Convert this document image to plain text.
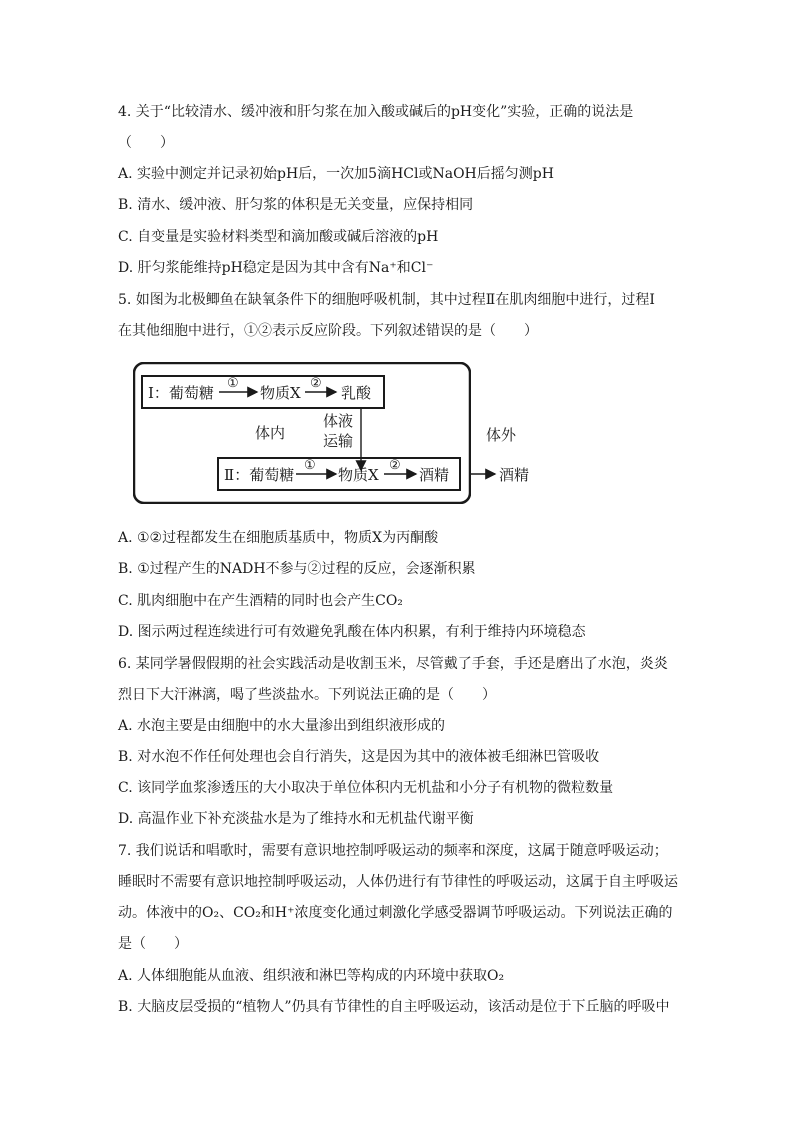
4. 关于“比较清水、缓冲液和肝匀浆在加入酸或碱后的pH变化”实验，正确的说法是
（　　）
A. 实验中测定并记录初始pH后，一次加5滴HCl或NaOH后摇匀测pH
B. 清水、缓冲液、肝匀浆的体积是无关变量，应保持相同
C. 自变量是实验材料类型和滴加酸或碱后溶液的pH
D. 肝匀浆能维持pH稳定是因为其中含有Na⁺和Cl⁻
5. 如图为北极鲫鱼在缺氧条件下的细胞呼吸机制，其中过程Ⅱ在肌肉细胞中进行，过程Ⅰ
在其他细胞中进行，①②表示反应阶段。下列叙述错误的是（　　）
Ⅰ：葡萄糖
①
物质X
②
乳酸
体液
运输
体内
Ⅱ：葡萄糖
①
物质X
②
酒精	酒精
体外
A. ①②过程都发生在细胞质基质中，物质X为丙酮酸
B. ①过程产生的NADH不参与②过程的反应，会逐渐积累
C. 肌肉细胞中在产生酒精的同时也会产生CO₂
D. 图示两过程连续进行可有效避免乳酸在体内积累，有利于维持内环境稳态
6. 某同学暑假假期的社会实践活动是收割玉米，尽管戴了手套，手还是磨出了水泡，炎炎
烈日下大汗淋漓，喝了些淡盐水。下列说法正确的是（　　）
A. 水泡主要是由细胞中的水大量渗出到组织液形成的
B. 对水泡不作任何处理也会自行消失，这是因为其中的液体被毛细淋巴管吸收
C. 该同学血浆渗透压的大小取决于单位体积内无机盐和小分子有机物的微粒数量
D. 高温作业下补充淡盐水是为了维持水和无机盐代谢平衡
7. 我们说话和唱歌时，需要有意识地控制呼吸运动的频率和深度，这属于随意呼吸运动；
睡眠时不需要有意识地控制呼吸运动，人体仍进行有节律性的呼吸运动，这属于自主呼吸运
动。体液中的O₂、CO₂和H⁺浓度变化通过刺激化学感受器调节呼吸运动。下列说法正确的
是（　　）
A. 人体细胞能从血液、组织液和淋巴等构成的内环境中获取O₂
B. 大脑皮层受损的“植物人”仍具有节律性的自主呼吸运动，该活动是位于下丘脑的呼吸中
